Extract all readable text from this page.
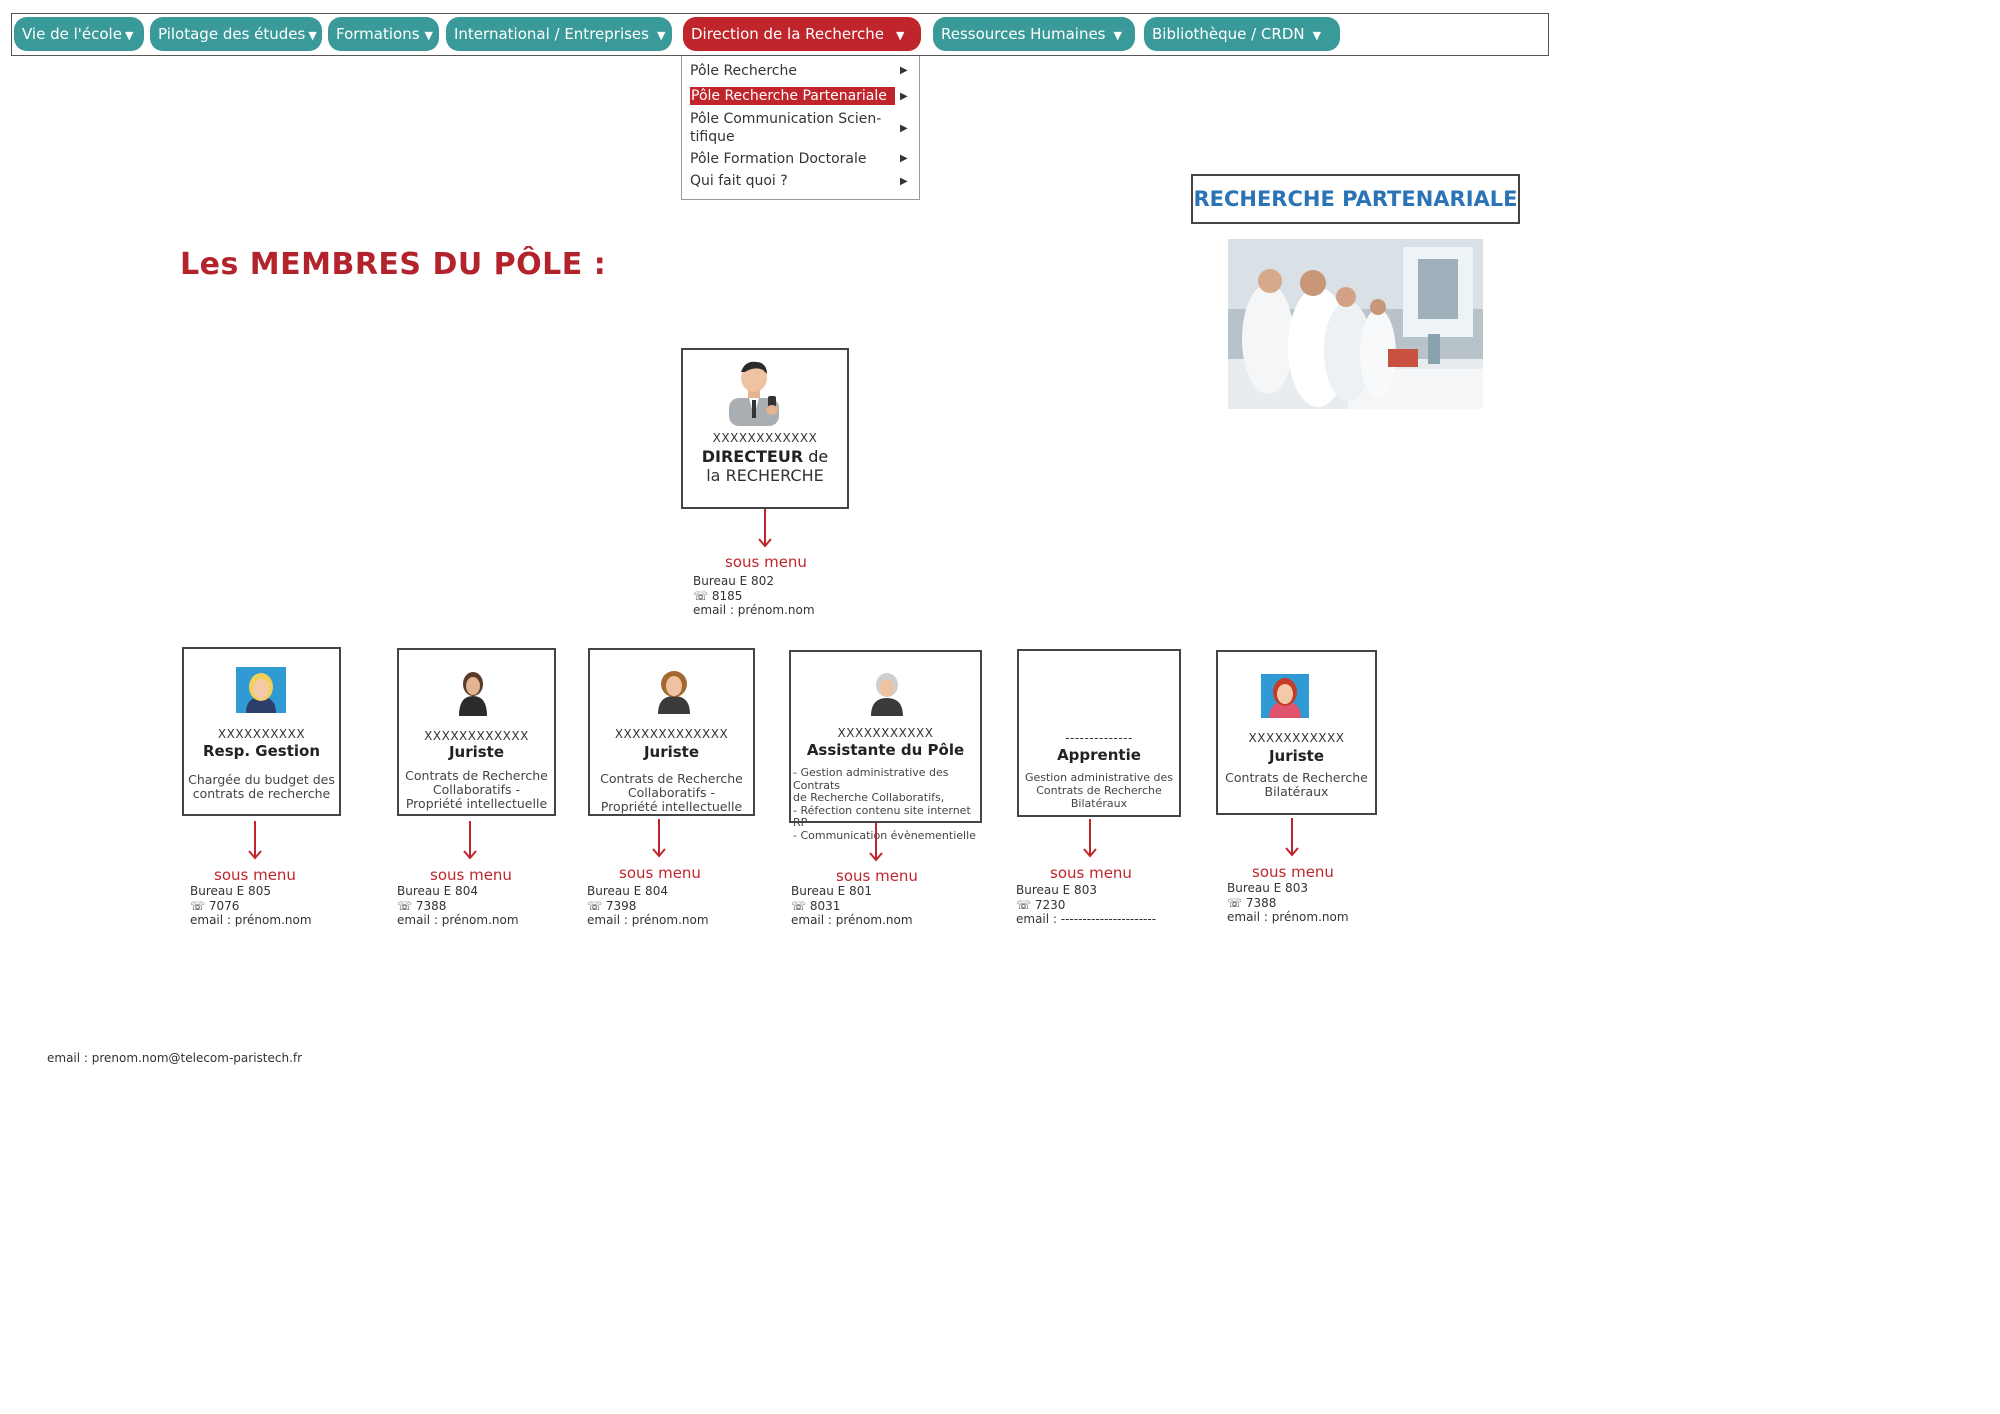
Vie de l'école ▼	Pilotage des études ▼	Formations ▼	International / Entreprises ▼	Direction de la Recherche ▼	Ressources Humaines ▼	Bibliothèque / CRDN ▼
Pôle Recherche	▶
Pôle Recherche Partenariale	▶
Pôle Communication Scien-
tifique
▶
Pôle Formation Doctorale	▶
Qui fait quoi ?	▶
Les MEMBRES DU PÔLE :
RECHERCHE PARTENARIALE
XXXXXXXXXXXX
DIRECTEUR de
la RECHERCHE
sous menu
Bureau E 802
☏ 8185
email : prénom.nom
XXXXXXXXXX
Resp. Gestion
Chargée du budget des
contrats de recherche
sous menu
Bureau E 805
☏ 7076
email : prénom.nom
XXXXXXXXXXXX
Juriste
Contrats de Recherche
Collaboratifs -
Propriété intellectuelle
sous menu
Bureau E 804
☏ 7388
email : prénom.nom
XXXXXXXXXXXXX
Juriste
Contrats de Recherche
Collaboratifs -
Propriété intellectuelle
sous menu
Bureau E 804
☏ 7398
email : prénom.nom
XXXXXXXXXXX
Assistante du Pôle
- Gestion administrative des Contrats
de Recherche Collaboratifs,
- Réfection contenu site internet RP
- Communication évènementielle
sous menu
Bureau E 801
☏ 8031
email : prénom.nom
--------------
Apprentie
Gestion administrative des
Contrats de Recherche
Bilatéraux
sous menu
Bureau E 803
☏ 7230
email : ----------------------
XXXXXXXXXXX
Juriste
Contrats de Recherche
Bilatéraux
sous menu
Bureau E 803
☏ 7388
email : prénom.nom
email : prenom.nom@telecom-paristech.fr
